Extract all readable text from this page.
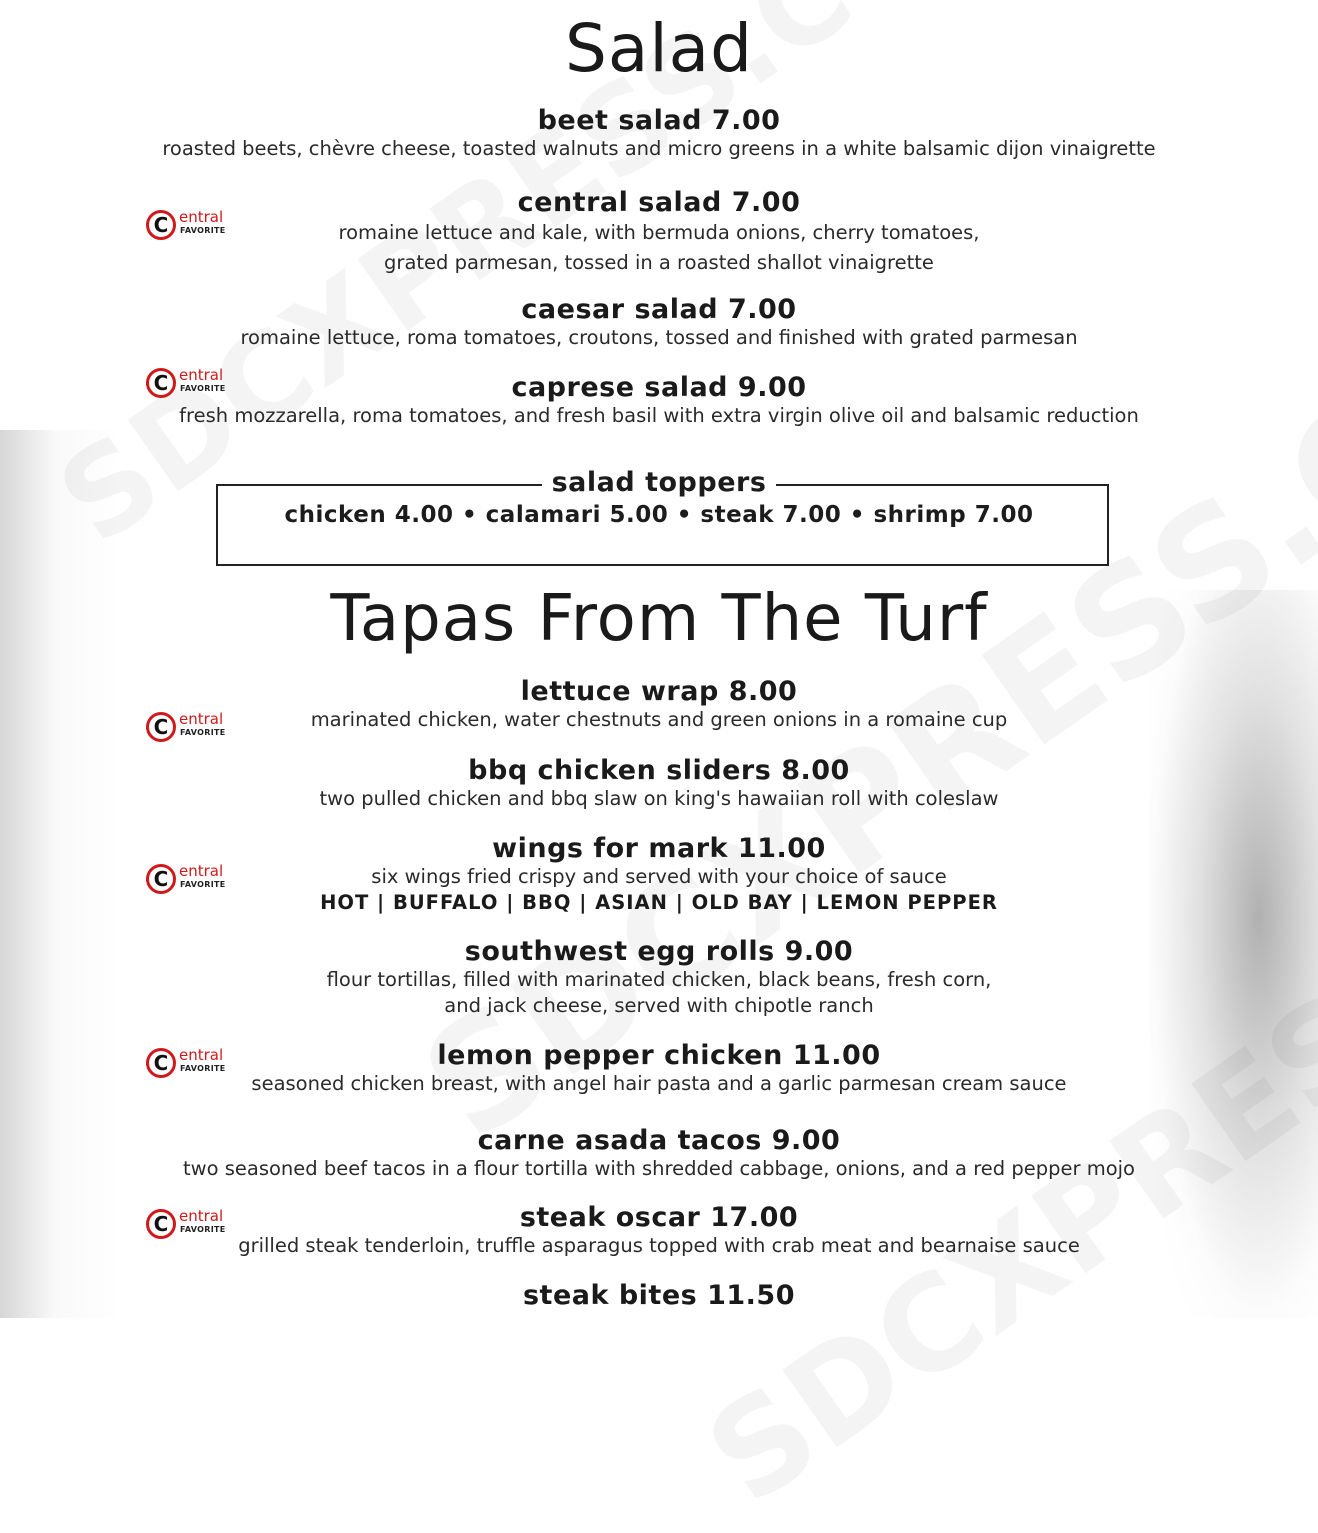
Salad
beet salad 7.00
roasted beets, chèvre cheese, toasted walnuts and micro greens in a white balsamic dijon vinaigrette
central salad 7.00
romaine lettuce and kale, with bermuda onions, cherry tomatoes,
grated parmesan, tossed in a roasted shallot vinaigrette
caesar salad 7.00
romaine lettuce, roma tomatoes, croutons, tossed and finished with grated parmesan
caprese salad 9.00
fresh mozzarella, roma tomatoes, and fresh basil with extra virgin olive oil and balsamic reduction
salad toppers
chicken 4.00 • calamari 5.00 • steak 7.00 • shrimp 7.00
Tapas From The Turf
lettuce wrap 8.00
marinated chicken, water chestnuts and green onions in a romaine cup
bbq chicken sliders 8.00
two pulled chicken and bbq slaw on king's hawaiian roll with coleslaw
wings for mark 11.00
six wings fried crispy and served with your choice of sauce
HOT | BUFFALO | BBQ | ASIAN | OLD BAY | LEMON PEPPER
southwest egg rolls 9.00
flour tortillas, filled with marinated chicken, black beans, fresh corn,
and jack cheese, served with chipotle ranch
lemon pepper chicken 11.00
seasoned chicken breast, with angel hair pasta and a garlic parmesan cream sauce
carne asada tacos 9.00
two seasoned beef tacos in a flour tortilla with shredded cabbage, onions, and a red pepper mojo
steak oscar 17.00
grilled steak tenderloin, truffle asparagus topped with crab meat and bearnaise sauce
steak bites 11.50
C entral
FAVORITE
C entral
FAVORITE
C entral
FAVORITE
C entral
FAVORITE
C entral
FAVORITE
C entral
FAVORITE
